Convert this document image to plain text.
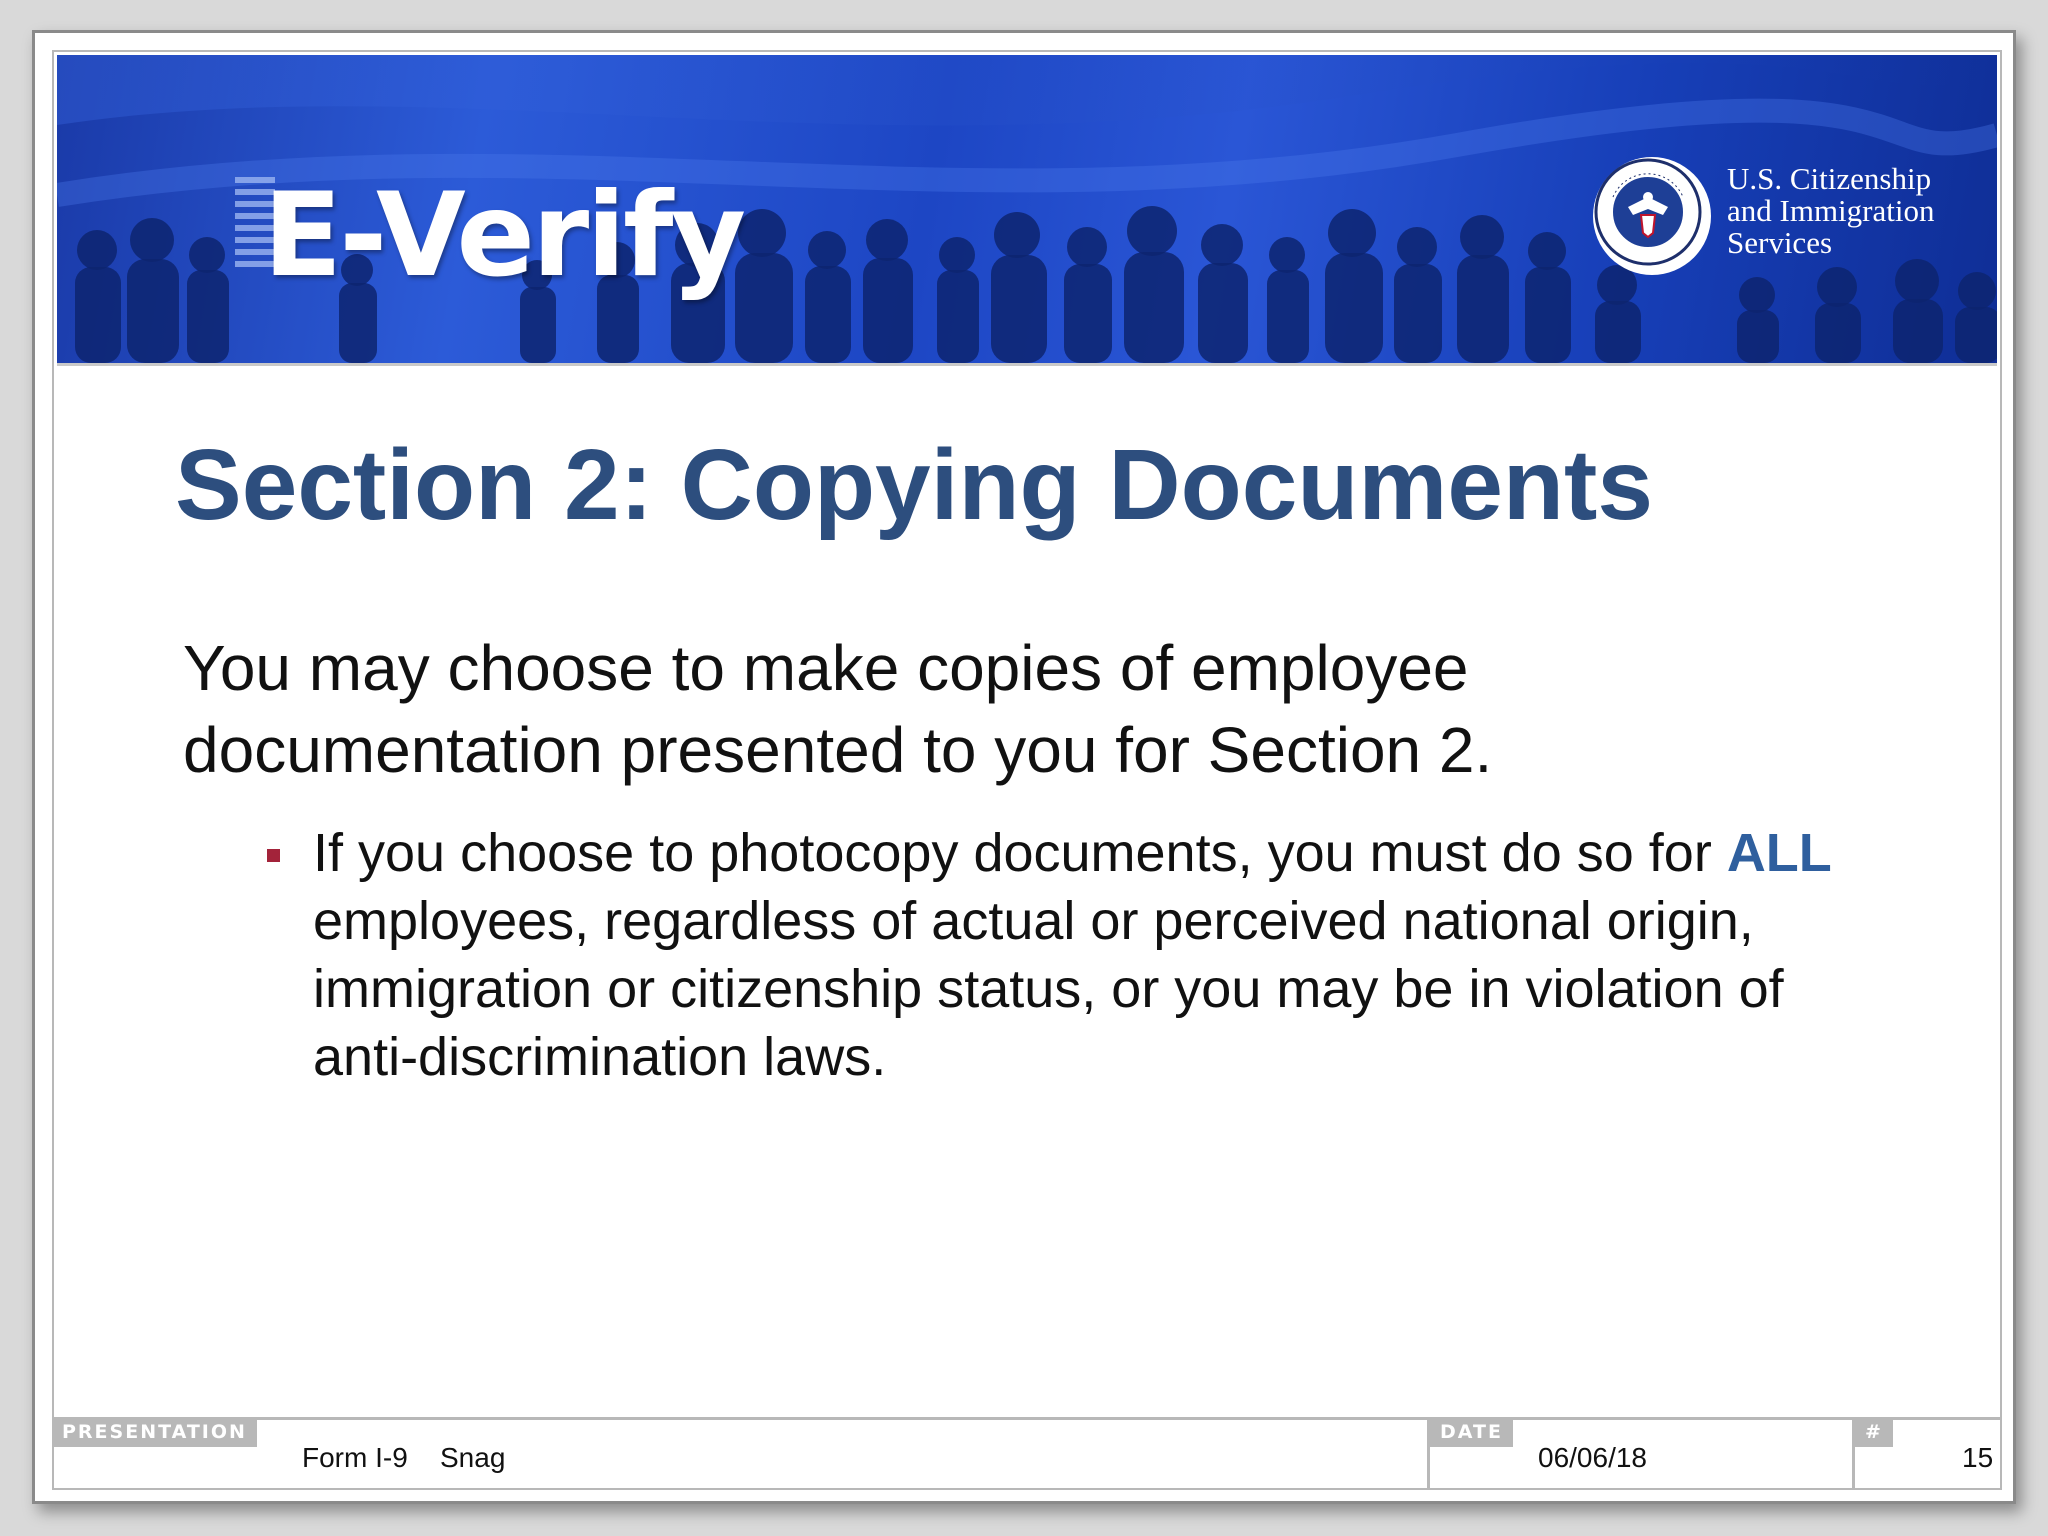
E-Verify	U.S. Citizenship
and Immigration
Services
Section 2: Copying Documents
You may choose to make copies of employee documentation presented to you for Section 2.
If you choose to photocopy documents, you must do so for ALL employees, regardless of actual or perceived national origin, immigration or citizenship status, or you may be in violation of anti-discrimination laws.
PRESENTATION
Form I-9 Snag
DATE
06/06/18
#
15
